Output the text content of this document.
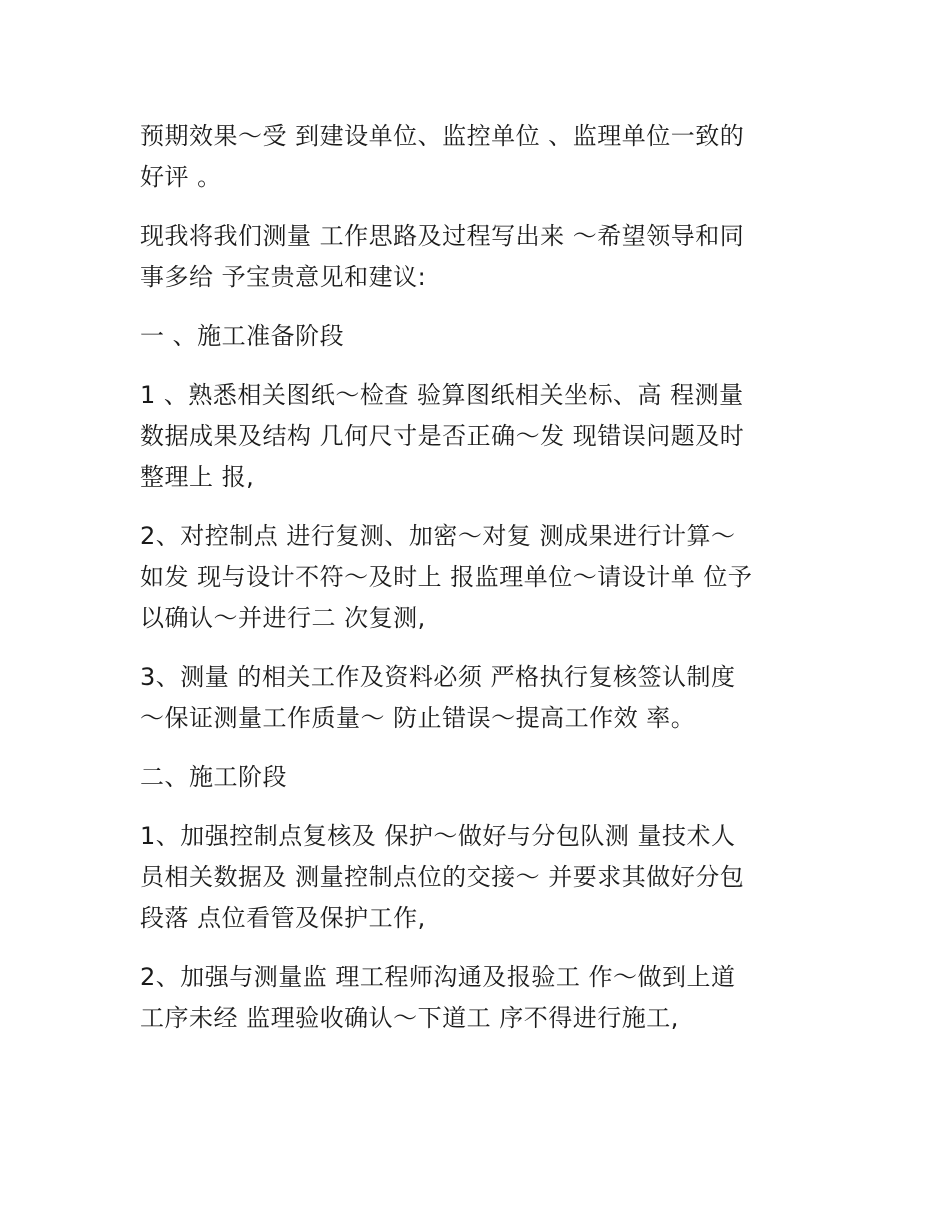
预期效果～受 到建设单位、监控单位 、监理单位一致的
好评 。

现我将我们测量 工作思路及过程写出来 ～希望领导和同
事多给 予宝贵意见和建议:

一 、施工准备阶段

1 、熟悉相关图纸～检查 验算图纸相关坐标、高 程测量
数据成果及结构 几何尺寸是否正确～发 现错误问题及时
整理上 报,

2、对控制点 进行复测、加密～对复 测成果进行计算～
如发 现与设计不符～及时上 报监理单位～请设计单 位予
以确认～并进行二 次复测,

3、测量 的相关工作及资料必须 严格执行复核签认制度
～保证测量工作质量～ 防止错误～提高工作效 率。

二、施工阶段

1、加强控制点复核及 保护～做好与分包队测 量技术人
员相关数据及 测量控制点位的交接～ 并要求其做好分包
段落 点位看管及保护工作,

2、加强与测量监 理工程师沟通及报验工 作～做到上道
工序未经 监理验收确认～下道工 序不得进行施工,
